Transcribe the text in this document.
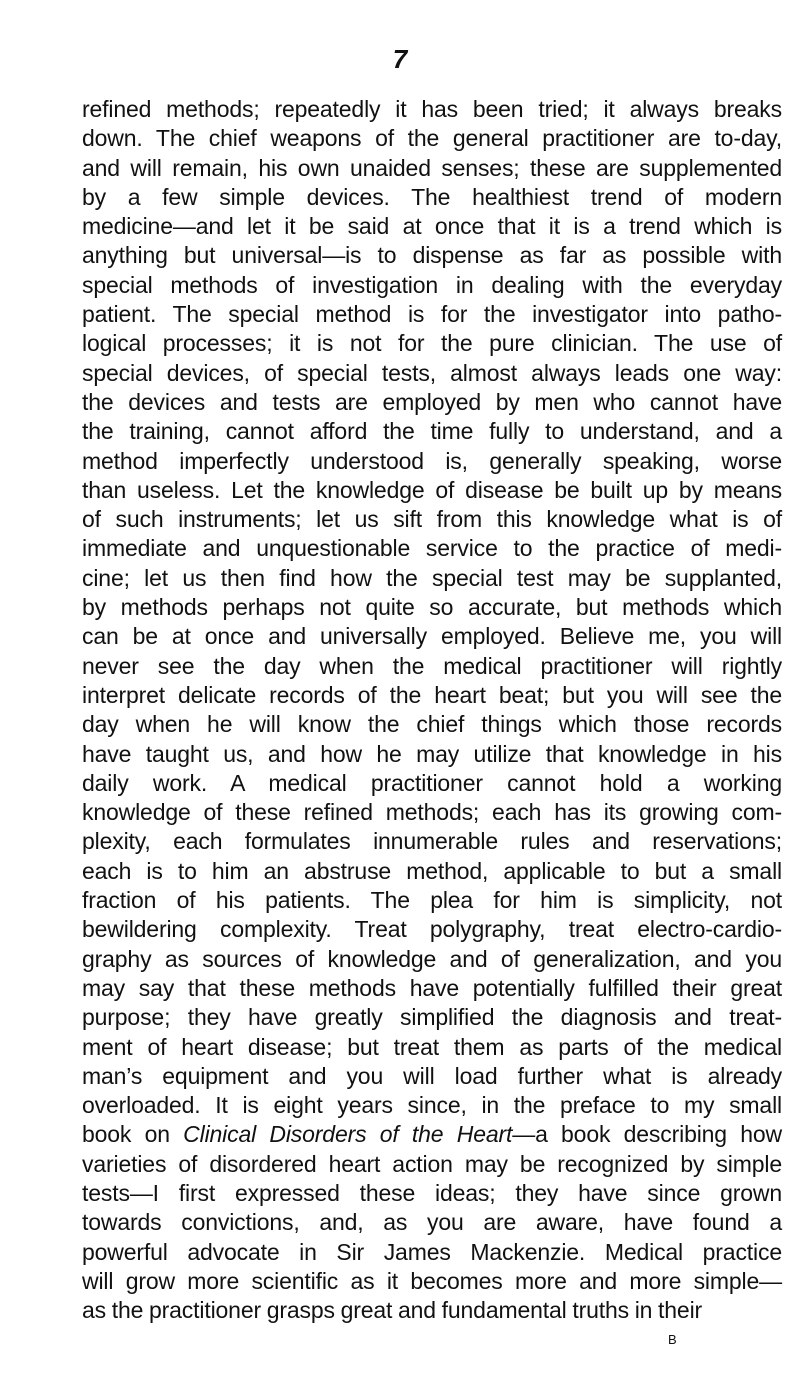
7
refined methods; repeatedly it has been tried; it always breaks
down. The chief weapons of the general practitioner are to-day,
and will remain, his own unaided senses; these are supplemented
by a few simple devices. The healthiest trend of modern
medicine—and let it be said at once that it is a trend which is
anything but universal—is to dispense as far as possible with
special methods of investigation in dealing with the everyday
patient. The special method is for the investigator into patho-
logical processes; it is not for the pure clinician. The use of
special devices, of special tests, almost always leads one way:
the devices and tests are employed by men who cannot have
the training, cannot afford the time fully to understand, and a
method imperfectly understood is, generally speaking, worse
than useless. Let the knowledge of disease be built up by means
of such instruments; let us sift from this knowledge what is of
immediate and unquestionable service to the practice of medi-
cine; let us then find how the special test may be supplanted,
by methods perhaps not quite so accurate, but methods which
can be at once and universally employed. Believe me, you will
never see the day when the medical practitioner will rightly
interpret delicate records of the heart beat; but you will see the
day when he will know the chief things which those records
have taught us, and how he may utilize that knowledge in his
daily work. A medical practitioner cannot hold a working
knowledge of these refined methods; each has its growing com-
plexity, each formulates innumerable rules and reservations;
each is to him an abstruse method, applicable to but a small
fraction of his patients. The plea for him is simplicity, not
bewildering complexity. Treat polygraphy, treat electro-cardio-
graphy as sources of knowledge and of generalization, and you
may say that these methods have potentially fulfilled their great
purpose; they have greatly simplified the diagnosis and treat-
ment of heart disease; but treat them as parts of the medical
man’s equipment and you will load further what is already
overloaded. It is eight years since, in the preface to my small
book on Clinical Disorders of the Heart—a book describing how
varieties of disordered heart action may be recognized by simple
tests—I first expressed these ideas; they have since grown
towards convictions, and, as you are aware, have found a
powerful advocate in Sir James Mackenzie. Medical practice
will grow more scientific as it becomes more and more simple—
as the practitioner grasps great and fundamental truths in their
B
